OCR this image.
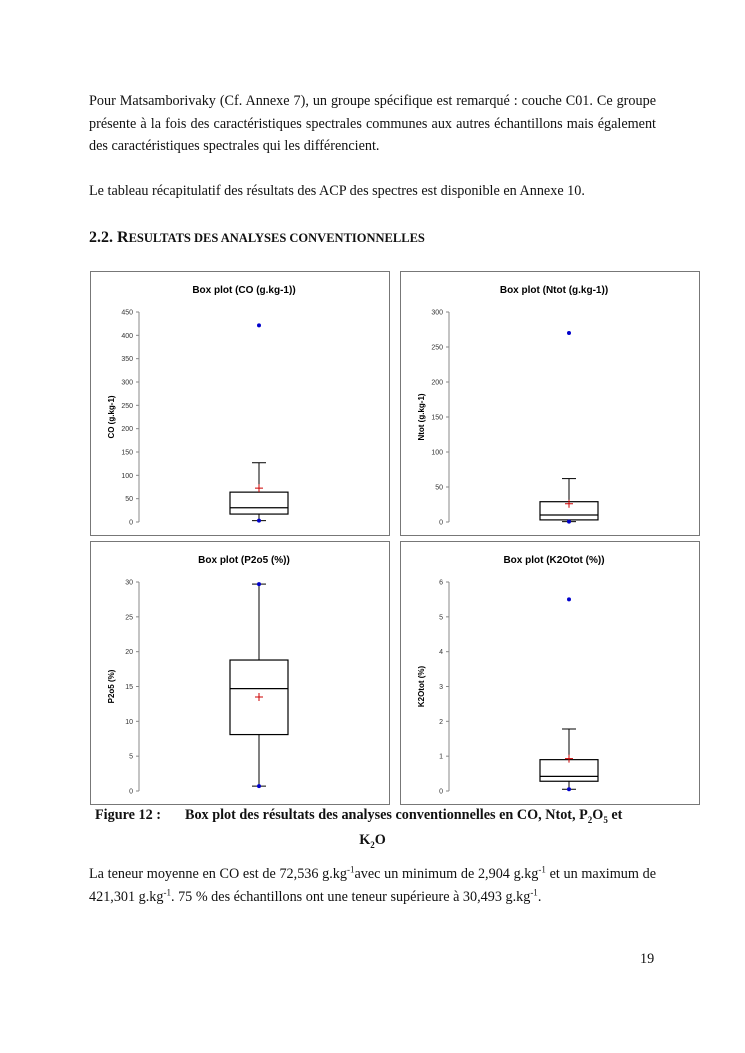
Pour Matsamborivaky (Cf. Annexe 7), un groupe spécifique est remarqué : couche C01. Ce groupe présente à la fois des caractéristiques spectrales communes aux autres échantillons mais également des caractéristiques spectrales qui les différencient.

Le tableau récapitulatif des résultats des ACP des spectres est disponible en Annexe 10.

2.2. RESULTATS DES ANALYSES CONVENTIONNELLES

Box plot (CO (g.kg-1))
CO (g.kg-1)
0
50
100
150
200
250
300
350
400
450
Box plot (Ntot (g.kg-1))
Ntot (g.kg-1)
0
50
100
150
200
250
300
Box plot (P2o5 (%))
P2o5 (%)
0
5
10
15
20
25
30
Box plot (K2Otot (%))
K2Otot (%)
0
1
2
3
4
5
6

Figure 12 : Box plot des résultats des analyses conventionnelles en CO, Ntot, $P_2O_5$ et
$K_2O$

La teneur moyenne en CO est de 72,536 $g.kg^{-1}avec$ un minimum de 2,904 $g.kg^{-1}$ et un maximum de 421,301 $g.kg^{-1}$. 75 % des échantillons ont une teneur supérieure à 30,493 $g.kg^{-1}$.

19
